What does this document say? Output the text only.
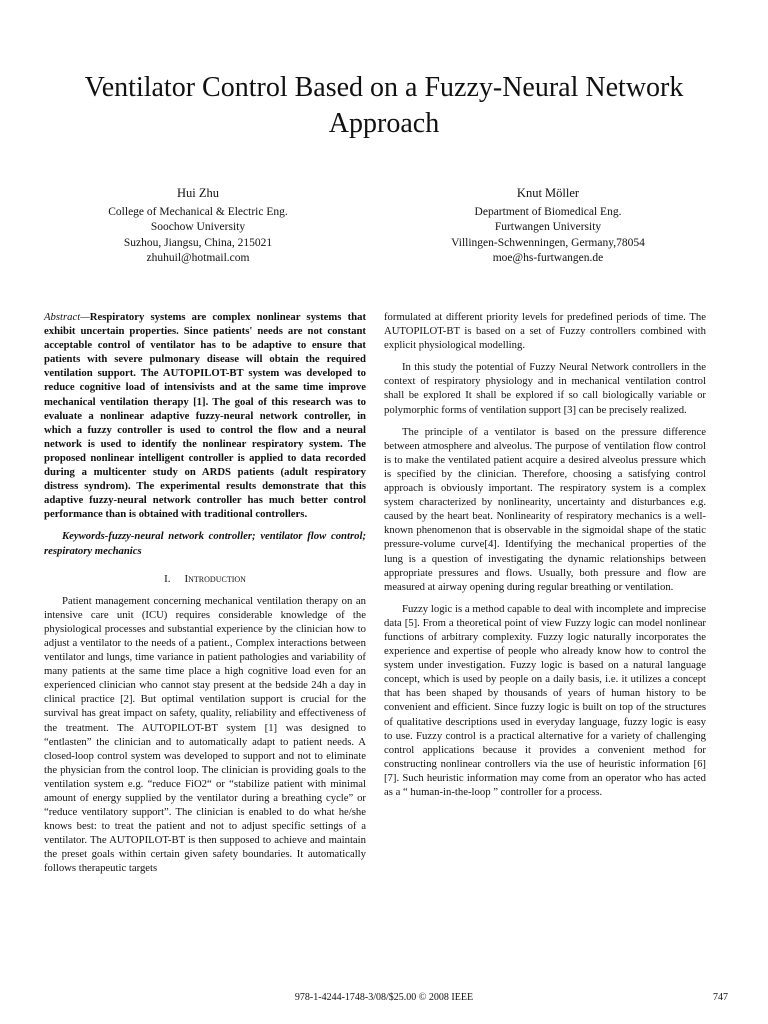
Ventilator Control Based on a Fuzzy-Neural Network Approach
Hui Zhu
College of Mechanical & Electric Eng.
Soochow University
Suzhou, Jiangsu, China, 215021
zhuhuil@hotmail.com
Knut Möller
Department of Biomedical Eng.
Furtwangen University
Villingen-Schwenningen, Germany,78054
moe@hs-furtwangen.de

Abstract—Respiratory systems are complex nonlinear systems that exhibit uncertain properties. Since patients' needs are not constant acceptable control of ventilator has to be adaptive to ensure that patients with severe pulmonary disease will obtain the required ventilation support. The AUTOPILOT-BT system was developed to reduce cognitive load of intensivists and at the same time improve mechanical ventilation therapy [1]. The goal of this research was to evaluate a nonlinear adaptive fuzzy-neural network controller, in which a fuzzy controller is used to control the flow and a neural network is used to identify the nonlinear respiratory system. The proposed nonlinear intelligent controller is applied to data recorded during a multicenter study on ARDS patients (adult respiratory distress syndrom). The experimental results demonstrate that this adaptive fuzzy-neural network controller has much better control performance than is obtained with traditional controllers.

Keywords-fuzzy-neural network controller; ventilator flow control; respiratory mechanics

I. Introduction

Patient management concerning mechanical ventilation therapy on an intensive care unit (ICU) requires considerable knowledge of the physiological processes and substantial experience by the clinician how to adjust a ventilator to the needs of a patient., Complex interactions between ventilator and lungs, time variance in patient pathologies and variability of many patients at the same time place a high cognitive load even for an experienced clinician who cannot stay present at the bedside 24h a day in clinical practice [2]. But optimal ventilation support is crucial for the survival has great impact on safety, quality, reliability and effectiveness of the treatment. The AUTOPILOT-BT system [1] was designed to “entlasten” the clinician and to automatically adapt to patient needs. A closed-loop control system was developed to support and not to eliminate the physician from the control loop. The clinician is providing goals to the ventilation system e.g. “reduce FiO2“ or “stabilize patient with minimal amount of energy supplied by the ventilator during a breathing cycle” or “reduce ventilatory support”. The clinician is enabled to do what he/she knows best: to treat the patient and not to adjust specific settings of a ventilator. The AUTOPILOT-BT is then supposed to achieve and maintain the preset goals within certain given safety boundaries. It automatically follows therapeutic targets

formulated at different priority levels for predefined periods of time. The AUTOPILOT-BT is based on a set of Fuzzy controllers combined with explicit physiological modelling.

In this study the potential of Fuzzy Neural Network controllers in the context of respiratory physiology and in mechanical ventilation control shall be explored It shall be explored if so call biologically variable or polymorphic forms of ventilation support [3] can be precisely realized.

The principle of a ventilator is based on the pressure difference between atmosphere and alveolus. The purpose of ventilation flow control is to make the ventilated patient acquire a desired alveolus pressure which is specified by the clinician. Therefore, choosing a satisfying control approach is obviously important. The respiratory system is a complex system characterized by nonlinearity, uncertainty and disturbances e.g. caused by the heart beat. Nonlinearity of respiratory mechanics is a well-known phenomenon that is observable in the sigmoidal shape of the static pressure-volume curve[4]. Identifying the mechanical properties of the lung is a question of investigating the dynamic relationships between appropriate pressures and flows. Usually, both pressure and flow are measured at airway opening during regular breathing or ventilation.

Fuzzy logic is a method capable to deal with incomplete and imprecise data [5]. From a theoretical point of view Fuzzy logic can model nonlinear functions of arbitrary complexity. Fuzzy logic naturally incorporates the experience and expertise of people who already know how to control the system under investigation. Fuzzy logic is based on a natural language concept, which is used by people on a daily basis, i.e. it utilizes a concept that has been shaped by thousands of years of human history to be convenient and efficient. Since fuzzy logic is built on top of the structures of qualitative descriptions used in everyday language, fuzzy logic is easy to use. Fuzzy control is a practical alternative for a variety of challenging control applications because it provides a convenient method for constructing nonlinear controllers via the use of heuristic information [6][7]. Such heuristic information may come from an operator who has acted as a “ human-in-the-loop ” controller for a process.

978-1-4244-1748-3/08/$25.00 © 2008 IEEE	747
